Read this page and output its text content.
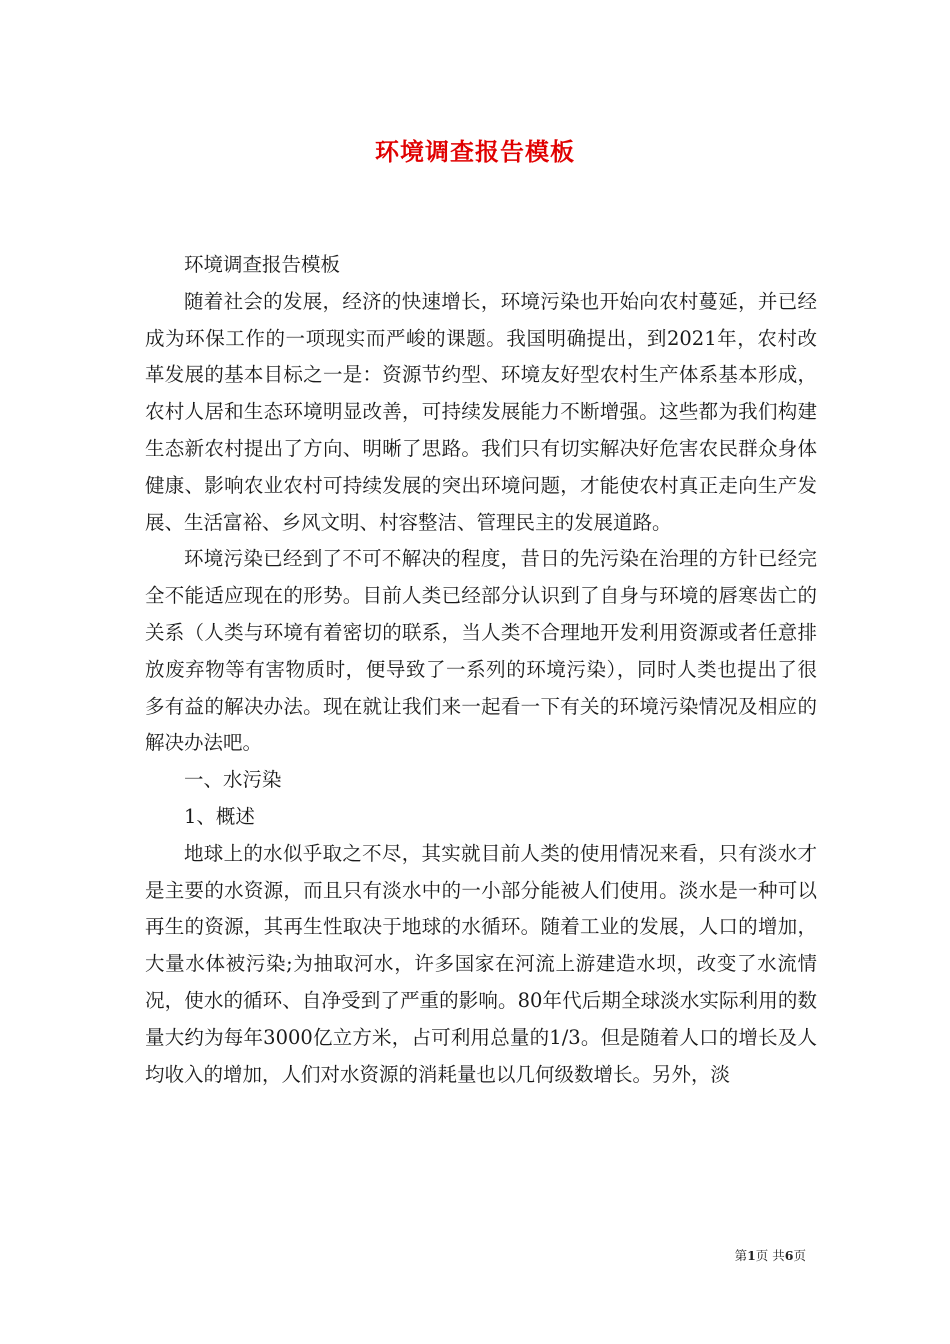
环境调查报告模板

环境调查报告模板

随着社会的发展，经济的快速增长，环境污染也开始向农村蔓延，并已经成为环保工作的一项现实而严峻的课题。我国明确提出，到2021年，农村改革发展的基本目标之一是：资源节约型、环境友好型农村生产体系基本形成，农村人居和生态环境明显改善，可持续发展能力不断增强。这些都为我们构建生态新农村提出了方向、明晰了思路。我们只有切实解决好危害农民群众身体健康、影响农业农村可持续发展的突出环境问题，才能使农村真正走向生产发展、生活富裕、乡风文明、村容整洁、管理民主的发展道路。

环境污染已经到了不可不解决的程度，昔日的先污染在治理的方针已经完全不能适应现在的形势。目前人类已经部分认识到了自身与环境的唇寒齿亡的关系（人类与环境有着密切的联系，当人类不合理地开发利用资源或者任意排放废弃物等有害物质时，便导致了一系列的环境污染），同时人类也提出了很多有益的解决办法。现在就让我们来一起看一下有关的环境污染情况及相应的解决办法吧。

一、水污染

1、概述

地球上的水似乎取之不尽，其实就目前人类的使用情况来看，只有淡水才是主要的水资源，而且只有淡水中的一小部分能被人们使用。淡水是一种可以再生的资源，其再生性取决于地球的水循环。随着工业的发展，人口的增加，大量水体被污染;为抽取河水，许多国家在河流上游建造水坝，改变了水流情况，使水的循环、自净受到了严重的影响。80年代后期全球淡水实际利用的数量大约为每年3000亿立方米，占可利用总量的1/3。但是随着人口的增长及人均收入的增加，人们对水资源的消耗量也以几何级数增长。另外，淡

第1页 共6页
